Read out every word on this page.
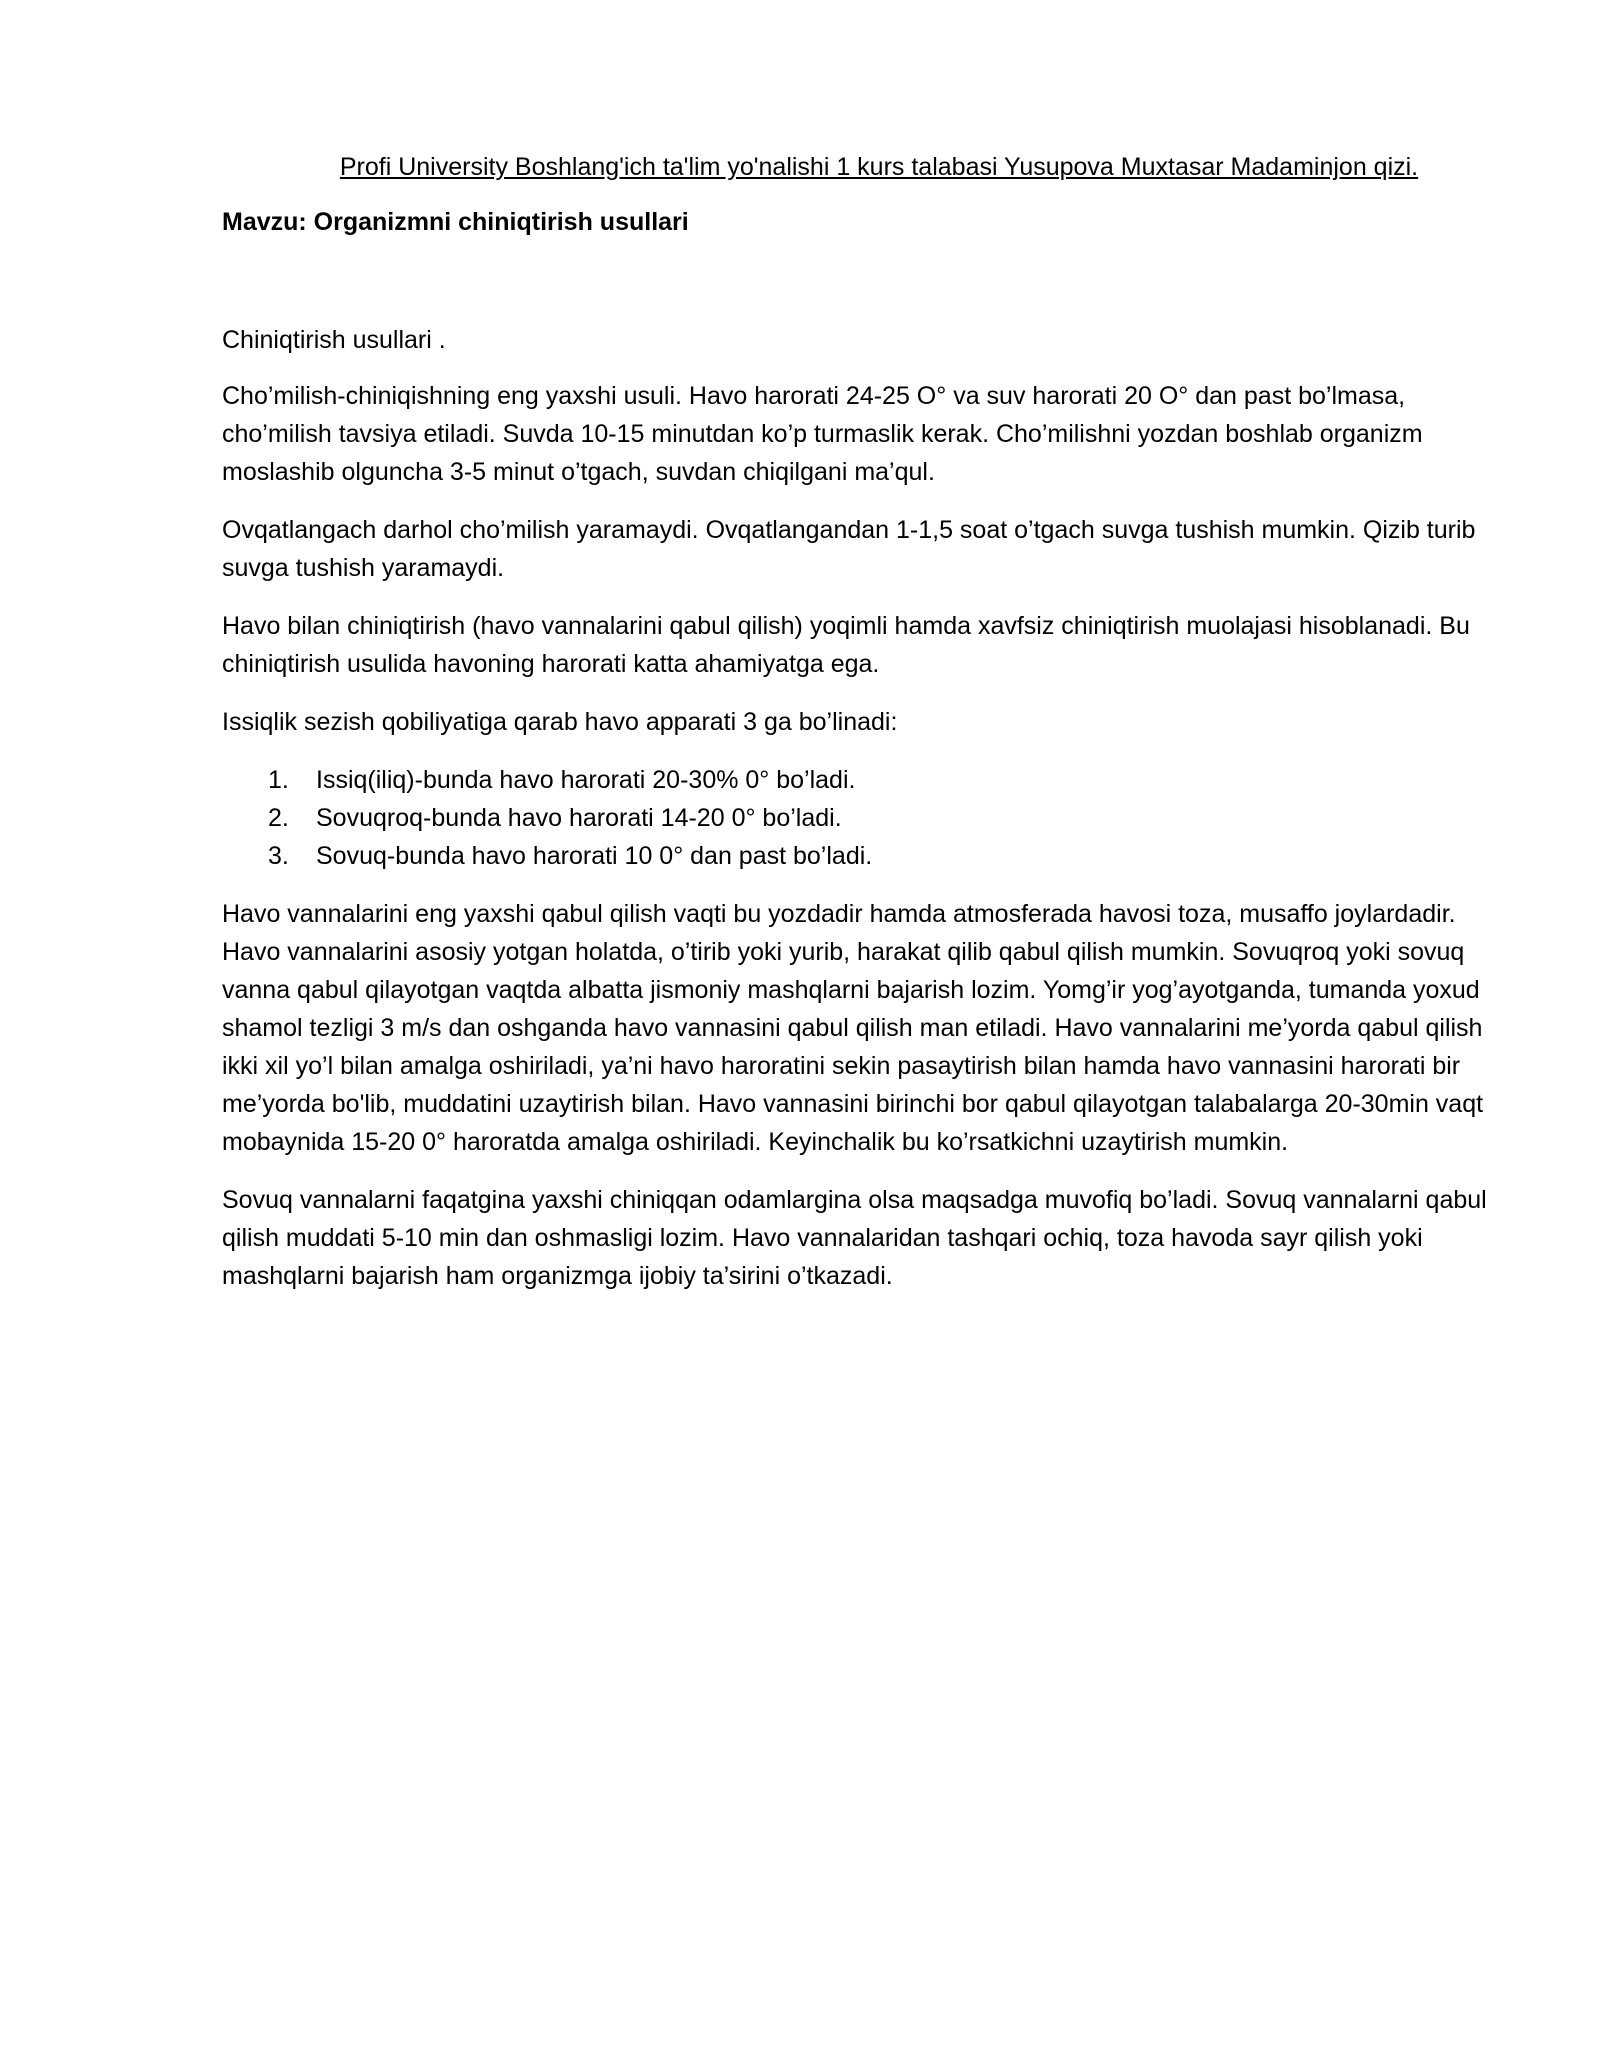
Profi University Boshlang'ich ta'lim yo'nalishi 1 kurs talabasi Yusupova Muxtasar Madaminjon qizi.

Mavzu: Organizmni chiniqtirish usullari

Chiniqtirish usullari .

Cho’milish-chiniqishning eng yaxshi usuli. Havo harorati 24-25 O° va suv harorati 20 O° dan past bo’lmasa, cho’milish tavsiya etiladi. Suvda 10-15 minutdan ko’p turmaslik kerak. Cho’milishni yozdan boshlab organizm moslashib olguncha 3-5 minut o’tgach, suvdan chiqilgani ma’qul.

Ovqatlangach darhol cho’milish yaramaydi. Ovqatlangandan 1-1,5 soat o’tgach suvga tushish mumkin. Qizib turib suvga tushish yaramaydi.

Havo bilan chiniqtirish (havo vannalarini qabul qilish) yoqimli hamda xavfsiz chiniqtirish muolajasi hisoblanadi. Bu chiniqtirish usulida havoning harorati katta ahamiyatga ega.

Issiqlik sezish qobiliyatiga qarab havo apparati 3 ga bo’linadi:

1.	Issiq(iliq)-bunda havo harorati 20-30% 0° bo’ladi.
2.	Sovuqroq-bunda havo harorati 14-20 0° bo’ladi.
3.	Sovuq-bunda havo harorati 10 0° dan past bo’ladi.

Havo vannalarini eng yaxshi qabul qilish vaqti bu yozdadir hamda atmosferada havosi toza, musaffo joylardadir. Havo vannalarini asosiy yotgan holatda, o’tirib yoki yurib, harakat qilib qabul qilish mumkin. Sovuqroq yoki sovuq vanna qabul qilayotgan vaqtda albatta jismoniy mashqlarni bajarish lozim. Yomg’ir yog’ayotganda, tumanda yoxud shamol tezligi 3 m/s dan oshganda havo vannasini qabul qilish man etiladi. Havo vannalarini me’yorda qabul qilish ikki xil yo’l bilan amalga oshiriladi, ya’ni havo haroratini sekin pasaytirish bilan hamda havo vannasini harorati bir me’yorda bo'lib, muddatini uzaytirish bilan. Havo vannasini birinchi bor qabul qilayotgan talabalarga 20-30min vaqt mobaynida 15-20 0° haroratda amalga oshiriladi. Keyinchalik bu ko’rsatkichni uzaytirish mumkin.

Sovuq vannalarni faqatgina yaxshi chiniqqan odamlargina olsa maqsadga muvofiq bo’ladi. Sovuq vannalarni qabul qilish muddati 5-10 min dan oshmasligi lozim. Havo vannalaridan tashqari ochiq, toza havoda sayr qilish yoki mashqlarni bajarish ham organizmga ijobiy ta’sirini o’tkazadi.
